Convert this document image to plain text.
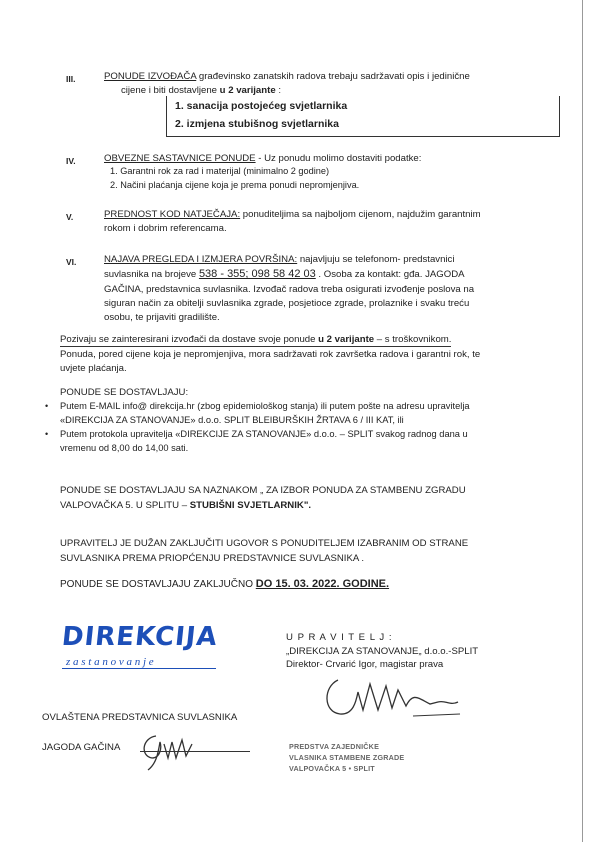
III.	PONUDE IZVOĐAČA građevinsko zanatskih radova trebaju sadržavati opis i jedinične
cijene i biti dostavljene u 2 varijante :
1. sanacija postojećeg svjetlarnika
2. izmjena stubišnog svjetlarnika
IV.	OBVEZNE SASTAVNICE PONUDE - Uz ponudu molimo dostaviti podatke:
1. Garantni rok za rad i materijal (minimalno 2 godine)
2. Načini plaćanja cijene koja je prema ponudi nepromjenjiva.
V.	PREDNOST KOD NATJEČAJA: ponuditeljima sa najboljom cijenom, najdužim garantnim
rokom i dobrim referencama.
VI.	NAJAVA PREGLEDA I IZMJERA POVRŠINA: najavljuju se telefonom- predstavnici
suvlasnika na brojeve 538 - 355; 098 58 42 03 . Osoba za kontakt: gđa. JAGODA
GAČINA, predstavnica suvlasnika. Izvođač radova treba osigurati izvođenje poslova na
siguran način za obitelji suvlasnika zgrade, posjetioce zgrade, prolaznike i svaku treću
osobu, te prijaviti gradilište.
Pozivaju se zainteresirani izvođači da dostave svoje ponude u 2 varijante – s troškovnikom.
Ponuda, pored cijene koja je nepromjenjiva, mora sadržavati rok završetka radova i garantni rok, te
uvjete plaćanja.
PONUDE SE DOSTAVLJAJU:
• Putem E-MAIL info@ direkcija.hr (zbog epidemiološkog stanja) ili putem pošte na adresu upravitelja
«DIREKCIJA ZA STANOVANJE» d.o.o. SPLIT BLEIBURŠKIH ŽRTAVA 6 / III KAT, ili
• Putem protokola upravitelja «DIREKCIJE ZA STANOVANJE» d.o.o. – SPLIT svakog radnog dana u
vremenu od 8,00 do 14,00 sati.
PONUDE SE DOSTAVLJAJU SA NAZNAKOM „ ZA IZBOR PONUDA ZA STAMBENU ZGRADU
VALPOVAČKA 5. U SPLITU – STUBIŠNI SVJETLARNIK".
UPRAVITELJ JE DUŽAN ZAKLJUČITI UGOVOR S PONUDITELJEM IZABRANIM OD STRANE
SUVLASNIKA PREMA PRIOPĆENJU PREDSTAVNICE SUVLASNIKA .
PONUDE SE DOSTAVLJAJU ZAKLJUČNO DO 15. 03. 2022. GODINE.
DIREKCIJA
z a s t a n o v a n j e
U P R A V I T E L J :
„DIREKCIJA ZA STANOVANJE„ d.o.o.-SPLIT
Direktor- Crvarić Igor, magistar prava
OVLAŠTENA PREDSTAVNICA SUVLASNIKA
JAGODA GAČINA	PREDSTVA ZAJEDNIČKE
VLASNIKA STAMBENE ZGRADE
VALPOVAČKA 5 • SPLIT
